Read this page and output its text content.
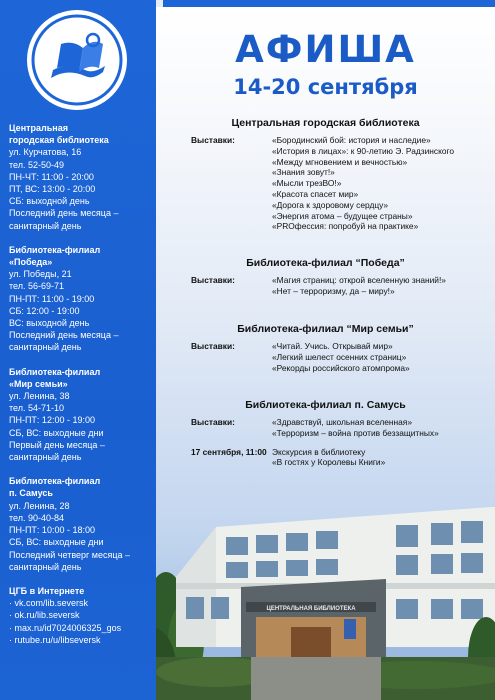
Центральная
городская библиотека
ул. Курчатова, 16
тел. 52-50-49
ПН-ЧТ: 11:00 - 20:00
ПТ, ВС: 13:00 - 20:00
СБ: выходной день
Последний день месяца –
санитарный день
Библиотека-филиал
«Победа»
ул. Победы, 21
тел. 56-69-71
ПН-ПТ: 11:00 - 19:00
СБ: 12:00 - 19:00
ВС: выходной день
Последний день месяца –
санитарный день
Библиотека-филиал
«Мир семьи»
ул. Ленина, 38
тел. 54-71-10
ПН-ПТ: 12:00 - 19:00
СБ, ВС: выходные дни
Первый день месяца –
санитарный день
Библиотека-филиал
п. Самусь
ул. Ленина, 28
тел. 90-40-84
ПН-ПТ: 10:00 - 18:00
СБ, ВС: выходные дни
Последний четверг месяца –
санитарный день
ЦГБ в Интернете
· vk.com/lib.seversk
· ok.ru/lib.seversk
· max.ru/id7024006325_gos
· rutube.ru/u/libseversk
АФИША
14-20 сентября
Центральная городская библиотека
Выставки:	«Бородинский бой: история и наследие»
«История в лицах»: к 90-летию Э. Радзинского
«Между мгновением и вечностью»
«Знания зовут!»
«Мысли трезВО!»
«Красота спасет мир»
«Дорога к здоровому сердцу»
«Энергия атома – будущее страны»
«PROфессия: попробуй на практике»
Библиотека-филиал “Победа”
Выставки:	«Магия страниц: открой вселенную знаний!»
«Нет – терроризму, да – миру!»
Библиотека-филиал “Мир семьи”
Выставки:	«Читай. Учись. Открывай мир»
«Легкий шелест осенних страниц»
«Рекорды российского атомпрома»
Библиотека-филиал п. Самусь
Выставки:	«Здравствуй, школьная вселенная»
«Терроризм – война против беззащитных»
17 сентября, 11:00 Экскурсия в библиотеку
«В гостях у Королевы Книги»
ЦЕНТРАЛЬНАЯ БИБЛИОТЕКА
